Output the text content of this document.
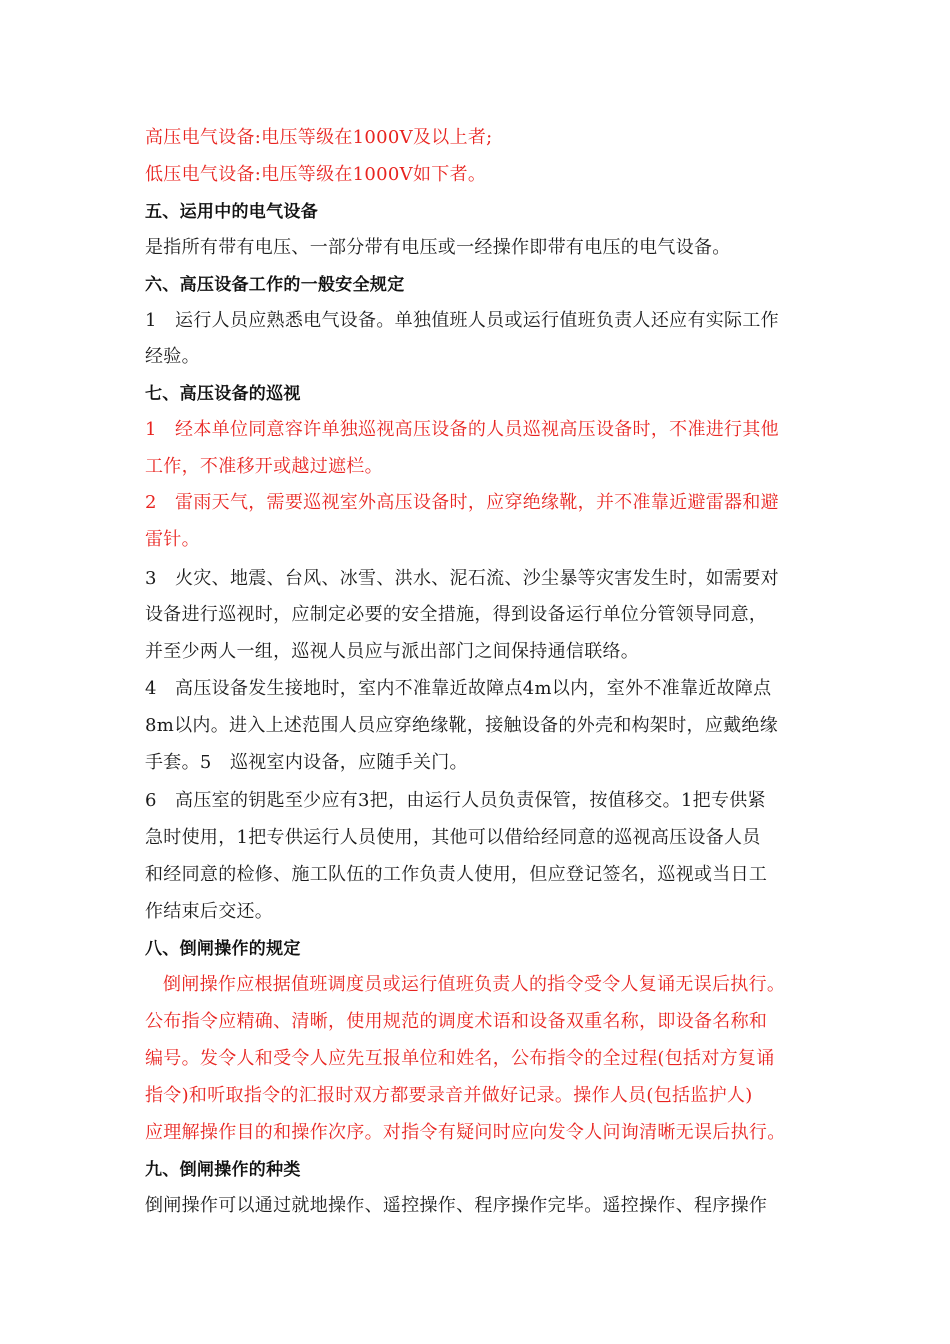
高压电气设备:电压等级在1000V及以上者;
低压电气设备:电压等级在1000V如下者。
五、运用中的电气设备
是指所有带有电压、一部分带有电压或一经操作即带有电压的电气设备。
六、高压设备工作的一般安全规定
1　运行人员应熟悉电气设备。单独值班人员或运行值班负责人还应有实际工作
经验。
七、高压设备的巡视
1　经本单位同意容许单独巡视高压设备的人员巡视高压设备时，不准进行其他
工作，不准移开或越过遮栏。
2　雷雨天气，需要巡视室外高压设备时，应穿绝缘靴，并不准靠近避雷器和避
雷针。
3　火灾、地震、台风、冰雪、洪水、泥石流、沙尘暴等灾害发生时，如需要对
设备进行巡视时，应制定必要的安全措施，得到设备运行单位分管领导同意，
并至少两人一组，巡视人员应与派出部门之间保持通信联络。
4　高压设备发生接地时，室内不准靠近故障点4m以内，室外不准靠近故障点
8m以内。进入上述范围人员应穿绝缘靴，接触设备的外壳和构架时，应戴绝缘
手套。5　巡视室内设备，应随手关门。
6　高压室的钥匙至少应有3把，由运行人员负责保管，按值移交。1把专供紧
急时使用，1把专供运行人员使用，其他可以借给经同意的巡视高压设备人员
和经同意的检修、施工队伍的工作负责人使用，但应登记签名，巡视或当日工
作结束后交还。
八、倒闸操作的规定
倒闸操作应根据值班调度员或运行值班负责人的指令受令人复诵无误后执行。
公布指令应精确、清晰，使用规范的调度术语和设备双重名称，即设备名称和
编号。发令人和受令人应先互报单位和姓名，公布指令的全过程(包括对方复诵
指令)和听取指令的汇报时双方都要录音并做好记录。操作人员(包括监护人)
应理解操作目的和操作次序。对指令有疑问时应向发令人问询清晰无误后执行。
九、倒闸操作的种类
倒闸操作可以通过就地操作、遥控操作、程序操作完毕。遥控操作、程序操作
